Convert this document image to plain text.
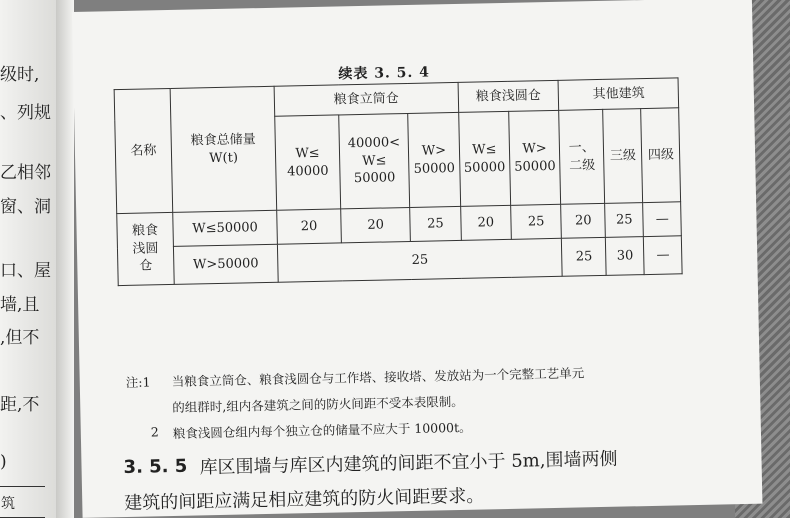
级时,
、列规
乙相邻
窗、洞
口、屋
墙,且
,但不
距,不
)
筑
续表 3. 5. 4
名称	粮食总储量W(t)	粮食立筒仓			粮食浅圆仓		其他建筑		
		W≤ 40000	40000< W≤ 50000	W> 50000	W≤ 50000	W> 50000	一、 二级	三级	四级
粮食浅圆仓	W≤50000	20	20	25	20	25	20	25	—
	W>50000	25					25	30	—
注:1 当粮食立筒仓、粮食浅圆仓与工作塔、接收塔、发放站为一个完整工艺单元
的组群时,组内各建筑之间的防火间距不受本表限制。
2 粮食浅圆仓组内每个独立仓的储量不应大于 10000t。
3. 5. 5 库区围墙与库区内建筑的间距不宜小于 5m,围墙两侧
建筑的间距应满足相应建筑的防火间距要求。
